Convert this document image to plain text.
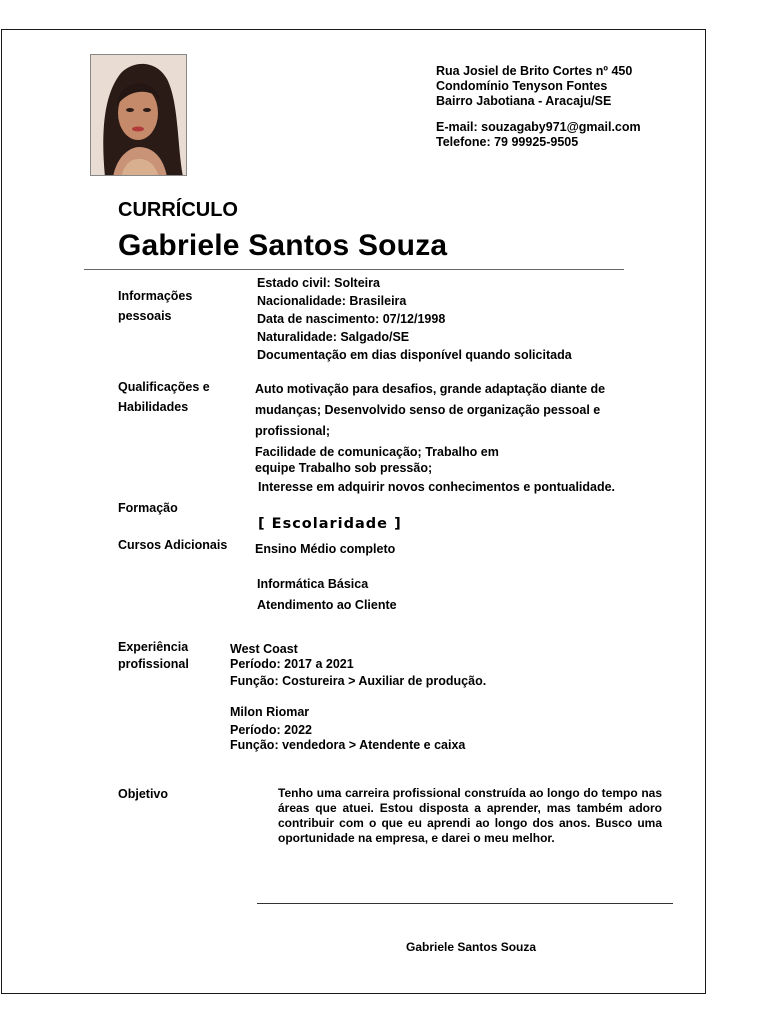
Rua Josiel de Brito Cortes nº 450
Condomínio Tenyson Fontes
Bairro Jabotiana - Aracaju/SE
E-mail: souzagaby971@gmail.com
Telefone: 79 99925-9505
CURRÍCULO
Gabriele Santos Souza
Informações
pessoais
Estado civil: Solteira
Nacionalidade: Brasileira
Data de nascimento: 07/12/1998
Naturalidade: Salgado/SE
Documentação em dias disponível quando solicitada
Qualificações e
Habilidades
Auto motivação para desafios, grande adaptação diante de
mudanças; Desenvolvido senso de organização pessoal e
profissional;
Facilidade de comunicação; Trabalho em
equipe Trabalho sob pressão;
Interesse em adquirir novos conhecimentos e pontualidade.
Formação
[ Escolaridade ]
Cursos Adicionais Ensino Médio completo
Informática Básica
Atendimento ao Cliente
Experiência
profissional
West Coast
Período: 2017 a 2021
Função: Costureira > Auxiliar de produção.
Milon Riomar
Período: 2022
Função: vendedora > Atendente e caixa
Objetivo	Tenho uma carreira profissional construída ao longo do tempo nas áreas que atuei. Estou disposta a aprender, mas também adoro contribuir com o que eu aprendi ao longo dos anos. Busco uma oportunidade na empresa, e darei o meu melhor.
Gabriele Santos Souza
